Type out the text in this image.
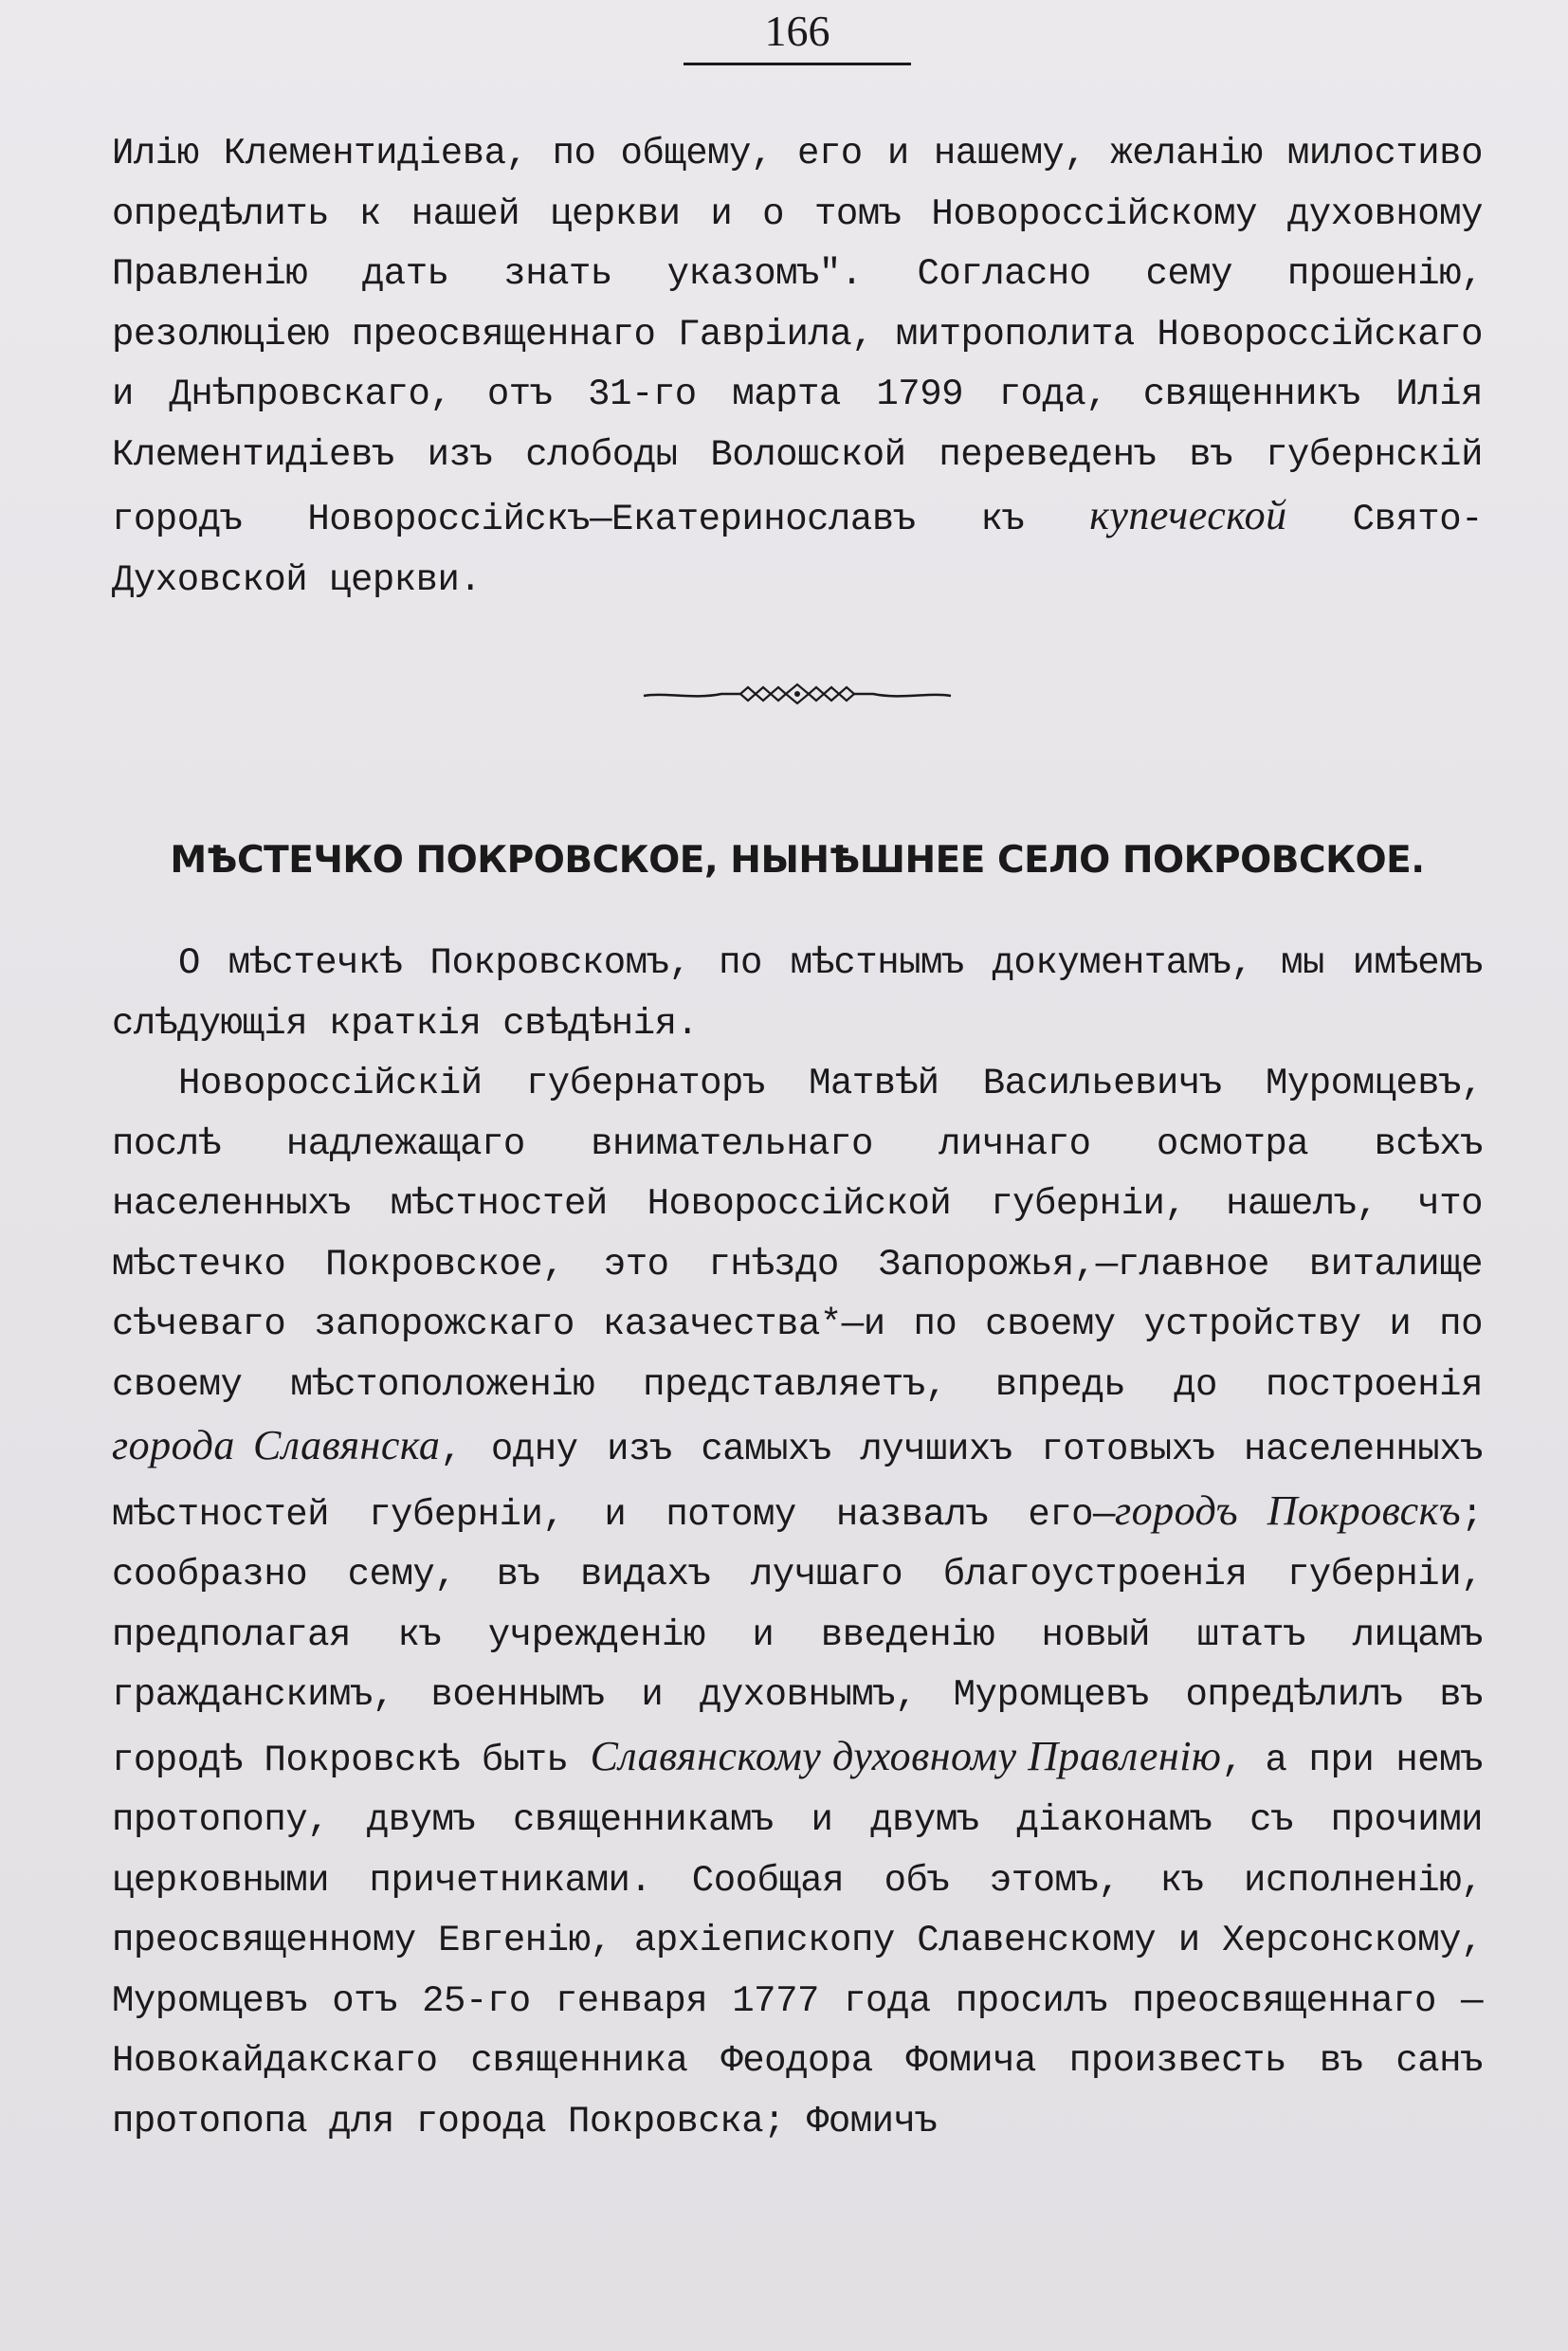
166

Илію Клементидіева, по общему, его и нашему, желанію милостиво опредѣлить к нашей церкви и о томъ Новороссійскому духовному Правленію дать знать указомъ". Согласно сему прошенію, резолюціею преосвященнаго Гавріила, митрополита Новороссійскаго и Днѣпровскаго, отъ 31-го марта 1799 года, священникъ Илія Клементидіевъ изъ слободы Волошской переведенъ въ губернскій городъ Новороссійскъ—Екатеринославъ къ купеческой Свято-Духовской церкви.

МѢСТЕЧКО ПОКРОВСКОЕ, НЫНѢШНЕЕ СЕЛО ПОКРОВСКОЕ.

О мѣстечкѣ Покровскомъ, по мѣстнымъ документамъ, мы имѣемъ слѣдующія краткія свѣдѣнія.

Новороссійскій губернаторъ Матвѣй Васильевичъ Муромцевъ, послѣ надлежащаго внимательнаго личнаго осмотра всѣхъ населенныхъ мѣстностей Новороссійской губерніи, нашелъ, что мѣстечко Покровское, это гнѣздо Запорожья,—главное виталище сѣчеваго запорожскаго казачества*—и по своему устройству и по своему мѣстоположенію представляетъ, впредь до построенія города Славянска, одну изъ самыхъ лучшихъ готовыхъ населенныхъ мѣстностей губерніи, и потому назвалъ его—городъ Покровскъ; сообразно сему, въ видахъ лучшаго благоустроенія губерніи, предполагая къ учрежденію и введенію новый штатъ лицамъ гражданскимъ, военнымъ и духовнымъ, Муромцевъ опредѣлилъ въ городѣ Покровскѣ быть Славянскому духовному Правленію, а при немъ протопопу, двумъ священникамъ и двумъ діаконамъ съ прочими церковными причетниками. Сообщая объ этомъ, къ исполненію, преосвященному Евгенію, архіепископу Славенскому и Херсонскому, Муромцевъ отъ 25-го генваря 1777 года просилъ преосвященнаго — Новокайдакскаго священника Феодора Фомича произвесть въ санъ протопопа для города Покровска; Фомичъ
